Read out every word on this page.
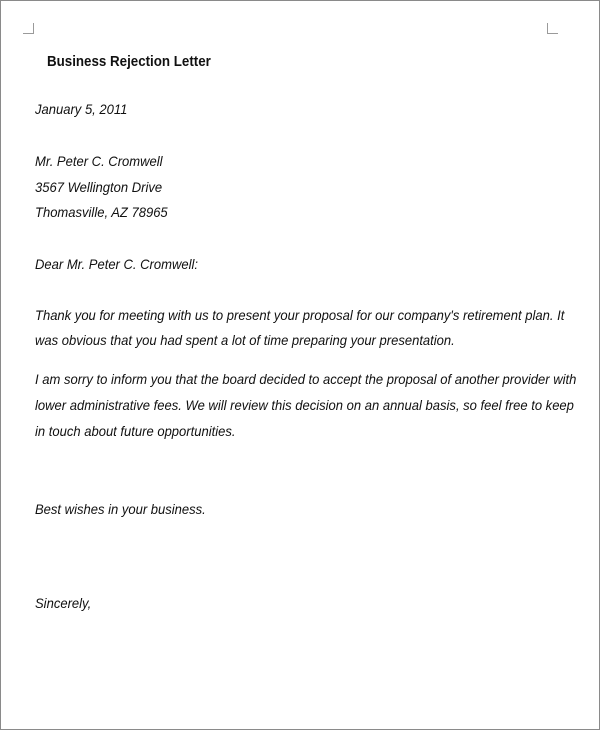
Business Rejection Letter

January 5, 2011

Mr. Peter C. Cromwell

3567 Wellington Drive

Thomasville, AZ 78965

Dear Mr. Peter C. Cromwell:

Thank you for meeting with us to present your proposal for our company's retirement plan. It

was obvious that you had spent a lot of time preparing your presentation.

I am sorry to inform you that the board decided to accept the proposal of another provider with

lower administrative fees. We will review this decision on an annual basis, so feel free to keep

in touch about future opportunities.

Best wishes in your business.

Sincerely,
